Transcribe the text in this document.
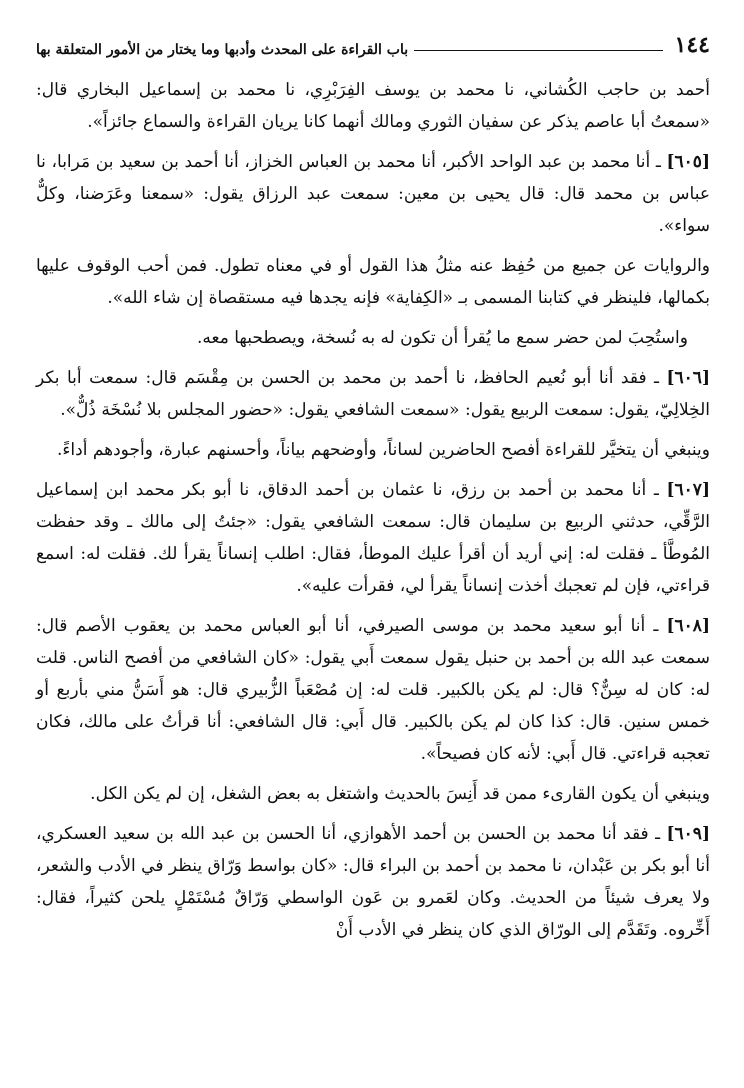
١٤٤
باب القراءة على المحدث وأدبها وما يختار من الأمور المتعلقة بها

أحمد بن حاجب الكُشاني، نا محمد بن يوسف الفِرَبْرِي، نا محمد بن إسماعيل البخاري قال: «سمعتُ أبا عاصم يذكر عن سفيان الثوري ومالك أنهما كانا يريان القراءة والسماع جائزاً».

[٦٠٥] ـ أنا محمد بن عبد الواحد الأكبر، أنا محمد بن العباس الخزاز، أنا أحمد بن سعيد بن مَرابا، نا عباس بن محمد قال: قال يحيى بن معين: سمعت عبد الرزاق يقول: «سمعنا وعَرَضنا، وكلٌّ سواء».

والروايات عن جميع من حُفِظ عنه مثلُ هذا القول أو في معناه تطول. فمن أحب الوقوف عليها بكمالها، فلينظر في كتابنا المسمى بـ «الكِفاية» فإنه يجدها فيه مستقصاة إن شاء الله».

واستُحِبَ لمن حضر سمع ما يُقرأ أن تكون له به نُسخة، ويصطحبها معه.

[٦٠٦] ـ فقد أنا أبو نُعيم الحافظ، نا أحمد بن محمد بن الحسن بن مِقْسَم قال: سمعت أبا بكر الخِلالِيّ، يقول: سمعت الربيع يقول: «سمعت الشافعي يقول: «حضور المجلس بلا نُسْخَة ذُلٌّ».

وينبغي أن يتخيَّر للقراءة أفصح الحاضرين لساناً، وأوضحهم بياناً، وأحسنهم عبارة، وأجودهم أداءً.

[٦٠٧] ـ أنا محمد بن أحمد بن رزق، نا عثمان بن أحمد الدقاق، نا أبو بكر محمد ابن إسماعيل الرَّقِّي، حدثني الربيع بن سليمان قال: سمعت الشافعي يقول: «جئتُ إلى مالك ـ وقد حفظت المُوطَّأ ـ فقلت له: إني أريد أن أقرأ عليك الموطأ، فقال: اطلب إنساناً يقرأ لك. فقلت له: اسمع قراءتي، فإن لم تعجبك أخذت إنساناً يقرأ لي، فقرأت عليه».

[٦٠٨] ـ أنا أبو سعيد محمد بن موسى الصيرفي، أنا أبو العباس محمد بن يعقوب الأصم قال: سمعت عبد الله بن أحمد بن حنبل يقول سمعت أَبي يقول: «كان الشافعي من أفصح الناس. قلت له: كان له سِنٌّ؟ قال: لم يكن بالكبير. قلت له: إن مُصْعَباً الزُّبيري قال: هو أَسَنُّ مني بأربع أو خمس سنين. قال: كذا كان لم يكن بالكبير. قال أَبي: قال الشافعي: أنا قرأتُ على مالك، فكان تعجبه قراءتي. قال أَبي: لأنه كان فصيحاً».

وينبغي أن يكون القارىء ممن قد أَنِسَ بالحديث واشتغل به بعض الشغل، إن لم يكن الكل.

[٦٠٩] ـ فقد أنا محمد بن الحسن بن أحمد الأهوازي، أنا الحسن بن عبد الله بن سعيد العسكري، أنا أبو بكر بن عَبْدان، نا محمد بن أحمد بن البراء قال: «كان بواسط وَرّاق ينظر في الأدب والشعر، ولا يعرف شيئاً من الحديث. وكان لعَمرو بن عَون الواسطي وَرّاقٌ مُسْتَمْلٍ يلحن كثيراً، فقال: أَخِّروه. وتَقَدَّم إلى الورّاق الذي كان ينظر في الأدب أَنْ
